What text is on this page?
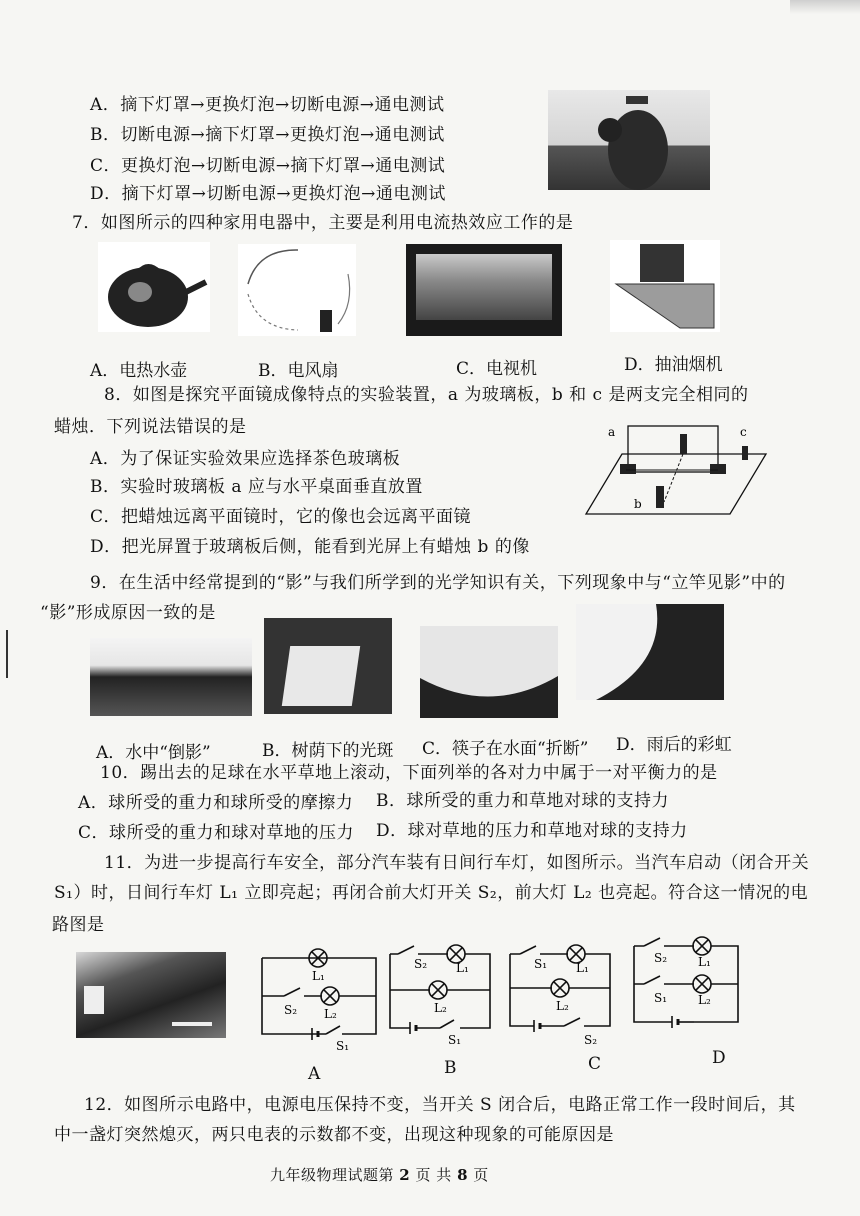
A．摘下灯罩→更换灯泡→切断电源→通电测试
B．切断电源→摘下灯罩→更换灯泡→通电测试
C．更换灯泡→切断电源→摘下灯罩→通电测试
D．摘下灯罩→切断电源→更换灯泡→通电测试
7．如图所示的四种家用电器中，主要是利用电流热效应工作的是
A．电热水壶	B．电风扇	C．电视机	D．抽油烟机
8．如图是探究平面镜成像特点的实验装置，a 为玻璃板，b 和 c 是两支完全相同的
蜡烛．下列说法错误的是
A．为了保证实验效果应选择茶色玻璃板
B．实验时玻璃板 a 应与水平桌面垂直放置
C．把蜡烛远离平面镜时，它的像也会远离平面镜
D．把光屏置于玻璃板后侧，能看到光屏上有蜡烛 b 的像
a
b
c
9．在生活中经常提到的“影”与我们所学到的光学知识有关，下列现象中与“立竿见影”中的
“影”形成原因一致的是
A．水中“倒影”	B．树荫下的光斑 C．筷子在水面“折断” D．雨后的彩虹
10．踢出去的足球在水平草地上滚动，下面列举的各对力中属于一对平衡力的是
A．球所受的重力和球所受的摩擦力 B．球所受的重力和草地对球的支持力
C．球所受的重力和球对草地的压力 D．球对草地的压力和草地对球的支持力
11．为进一步提高行车安全，部分汽车装有日间行车灯，如图所示。当汽车启动（闭合开关
S₁）时，日间行车灯 L₁ 立即亮起；再闭合前大灯开关 S₂，前大灯 L₂ 也亮起。符合这一情况的电
路图是
L₁
S₂ L₂
S₁
S₂ L₁
L₂
S₁
S₁ L₁
L₂
S₂
S₂	L₁
S₁	L₂
A	B	C	D
12．如图所示电路中，电源电压保持不变，当开关 S 闭合后，电路正常工作一段时间后，其
中一盏灯突然熄灭，两只电表的示数都不变，出现这种现象的可能原因是
九年级物理试题第 2 页 共 8 页
